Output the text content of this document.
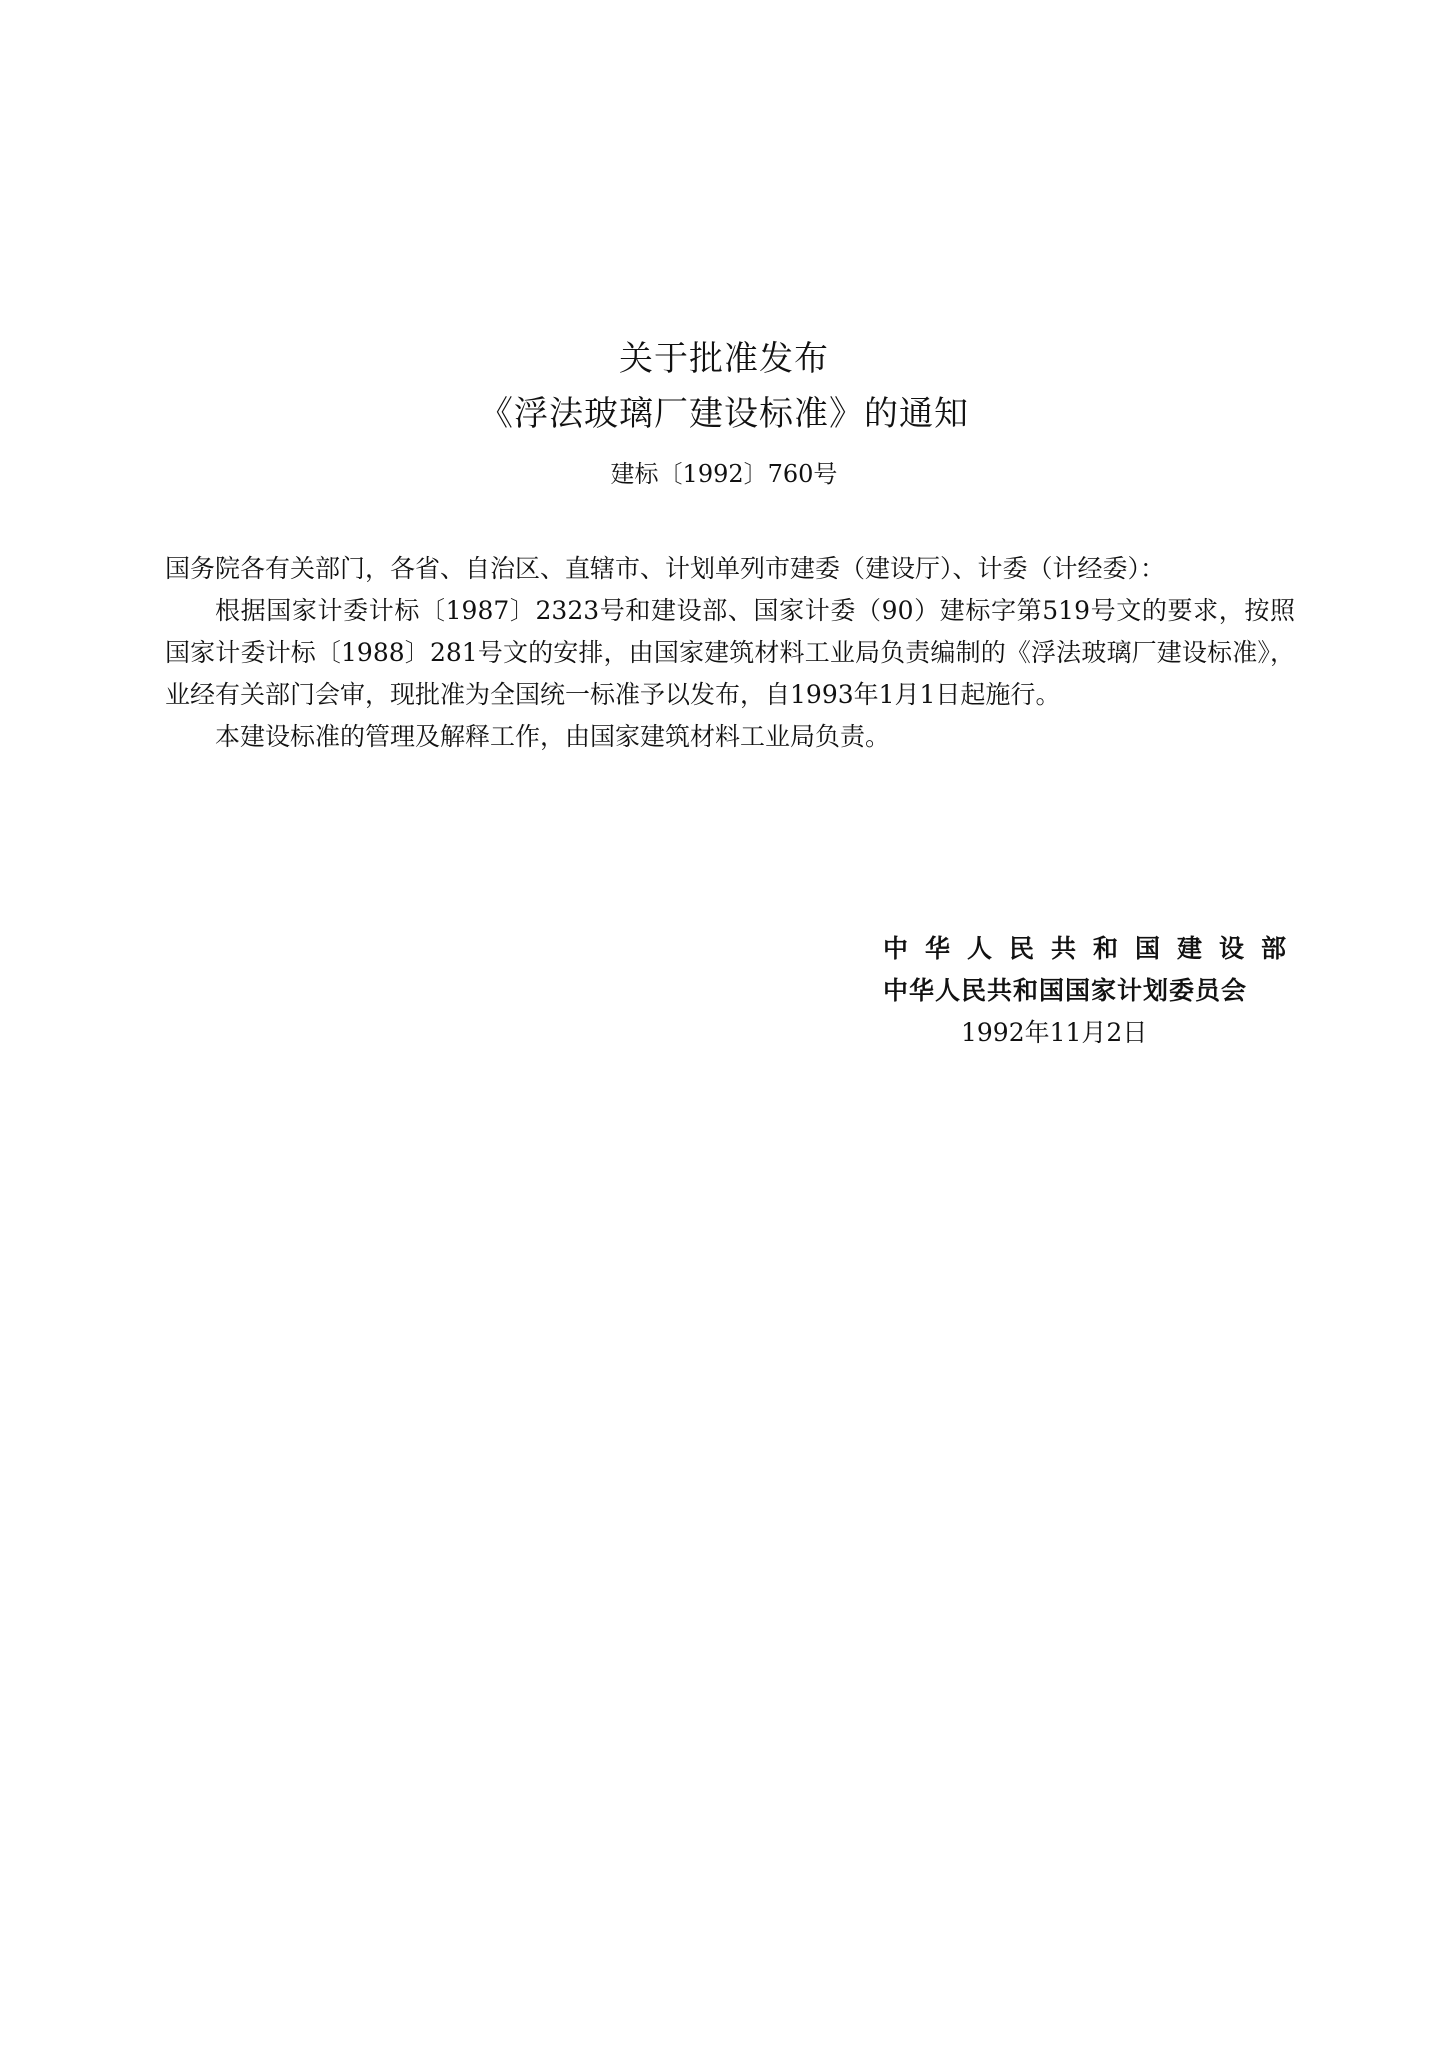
关于批准发布
《浮法玻璃厂建设标准》的通知
建标〔1992〕760号

国务院各有关部门，各省、自治区、直辖市、计划单列市建委（建设厅）、计委（计经委）：

根据国家计委计标〔1987〕2323号和建设部、国家计委（90）建标字第519号文的要求，按照国家计委计标〔1988〕281号文的安排，由国家建筑材料工业局负责编制的《浮法玻璃厂建设标准》，业经有关部门会审，现批准为全国统一标准予以发布，自1993年1月1日起施行。

本建设标准的管理及解释工作，由国家建筑材料工业局负责。

中华人民共和国建设部
中华人民共和国国家计划委员会
1992年11月2日
